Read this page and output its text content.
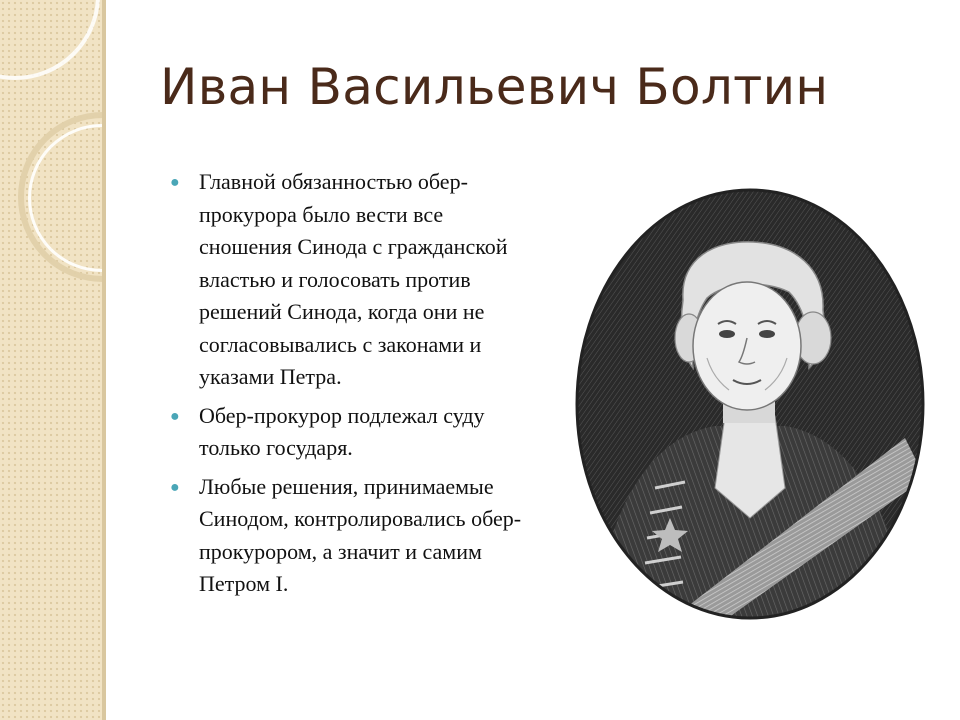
Иван Васильевич Болтин
● Главной обязанностью обер-прокурора было вести все сношения Синода с гражданской властью и голосовать против решений Синода, когда они не согласовывались с законами и указами Петра.
● Обер-прокурор подлежал суду только государя.
● Любые решения, принимаемые Синодом, контролировались обер-прокурором, а значит и самим Петром I.
